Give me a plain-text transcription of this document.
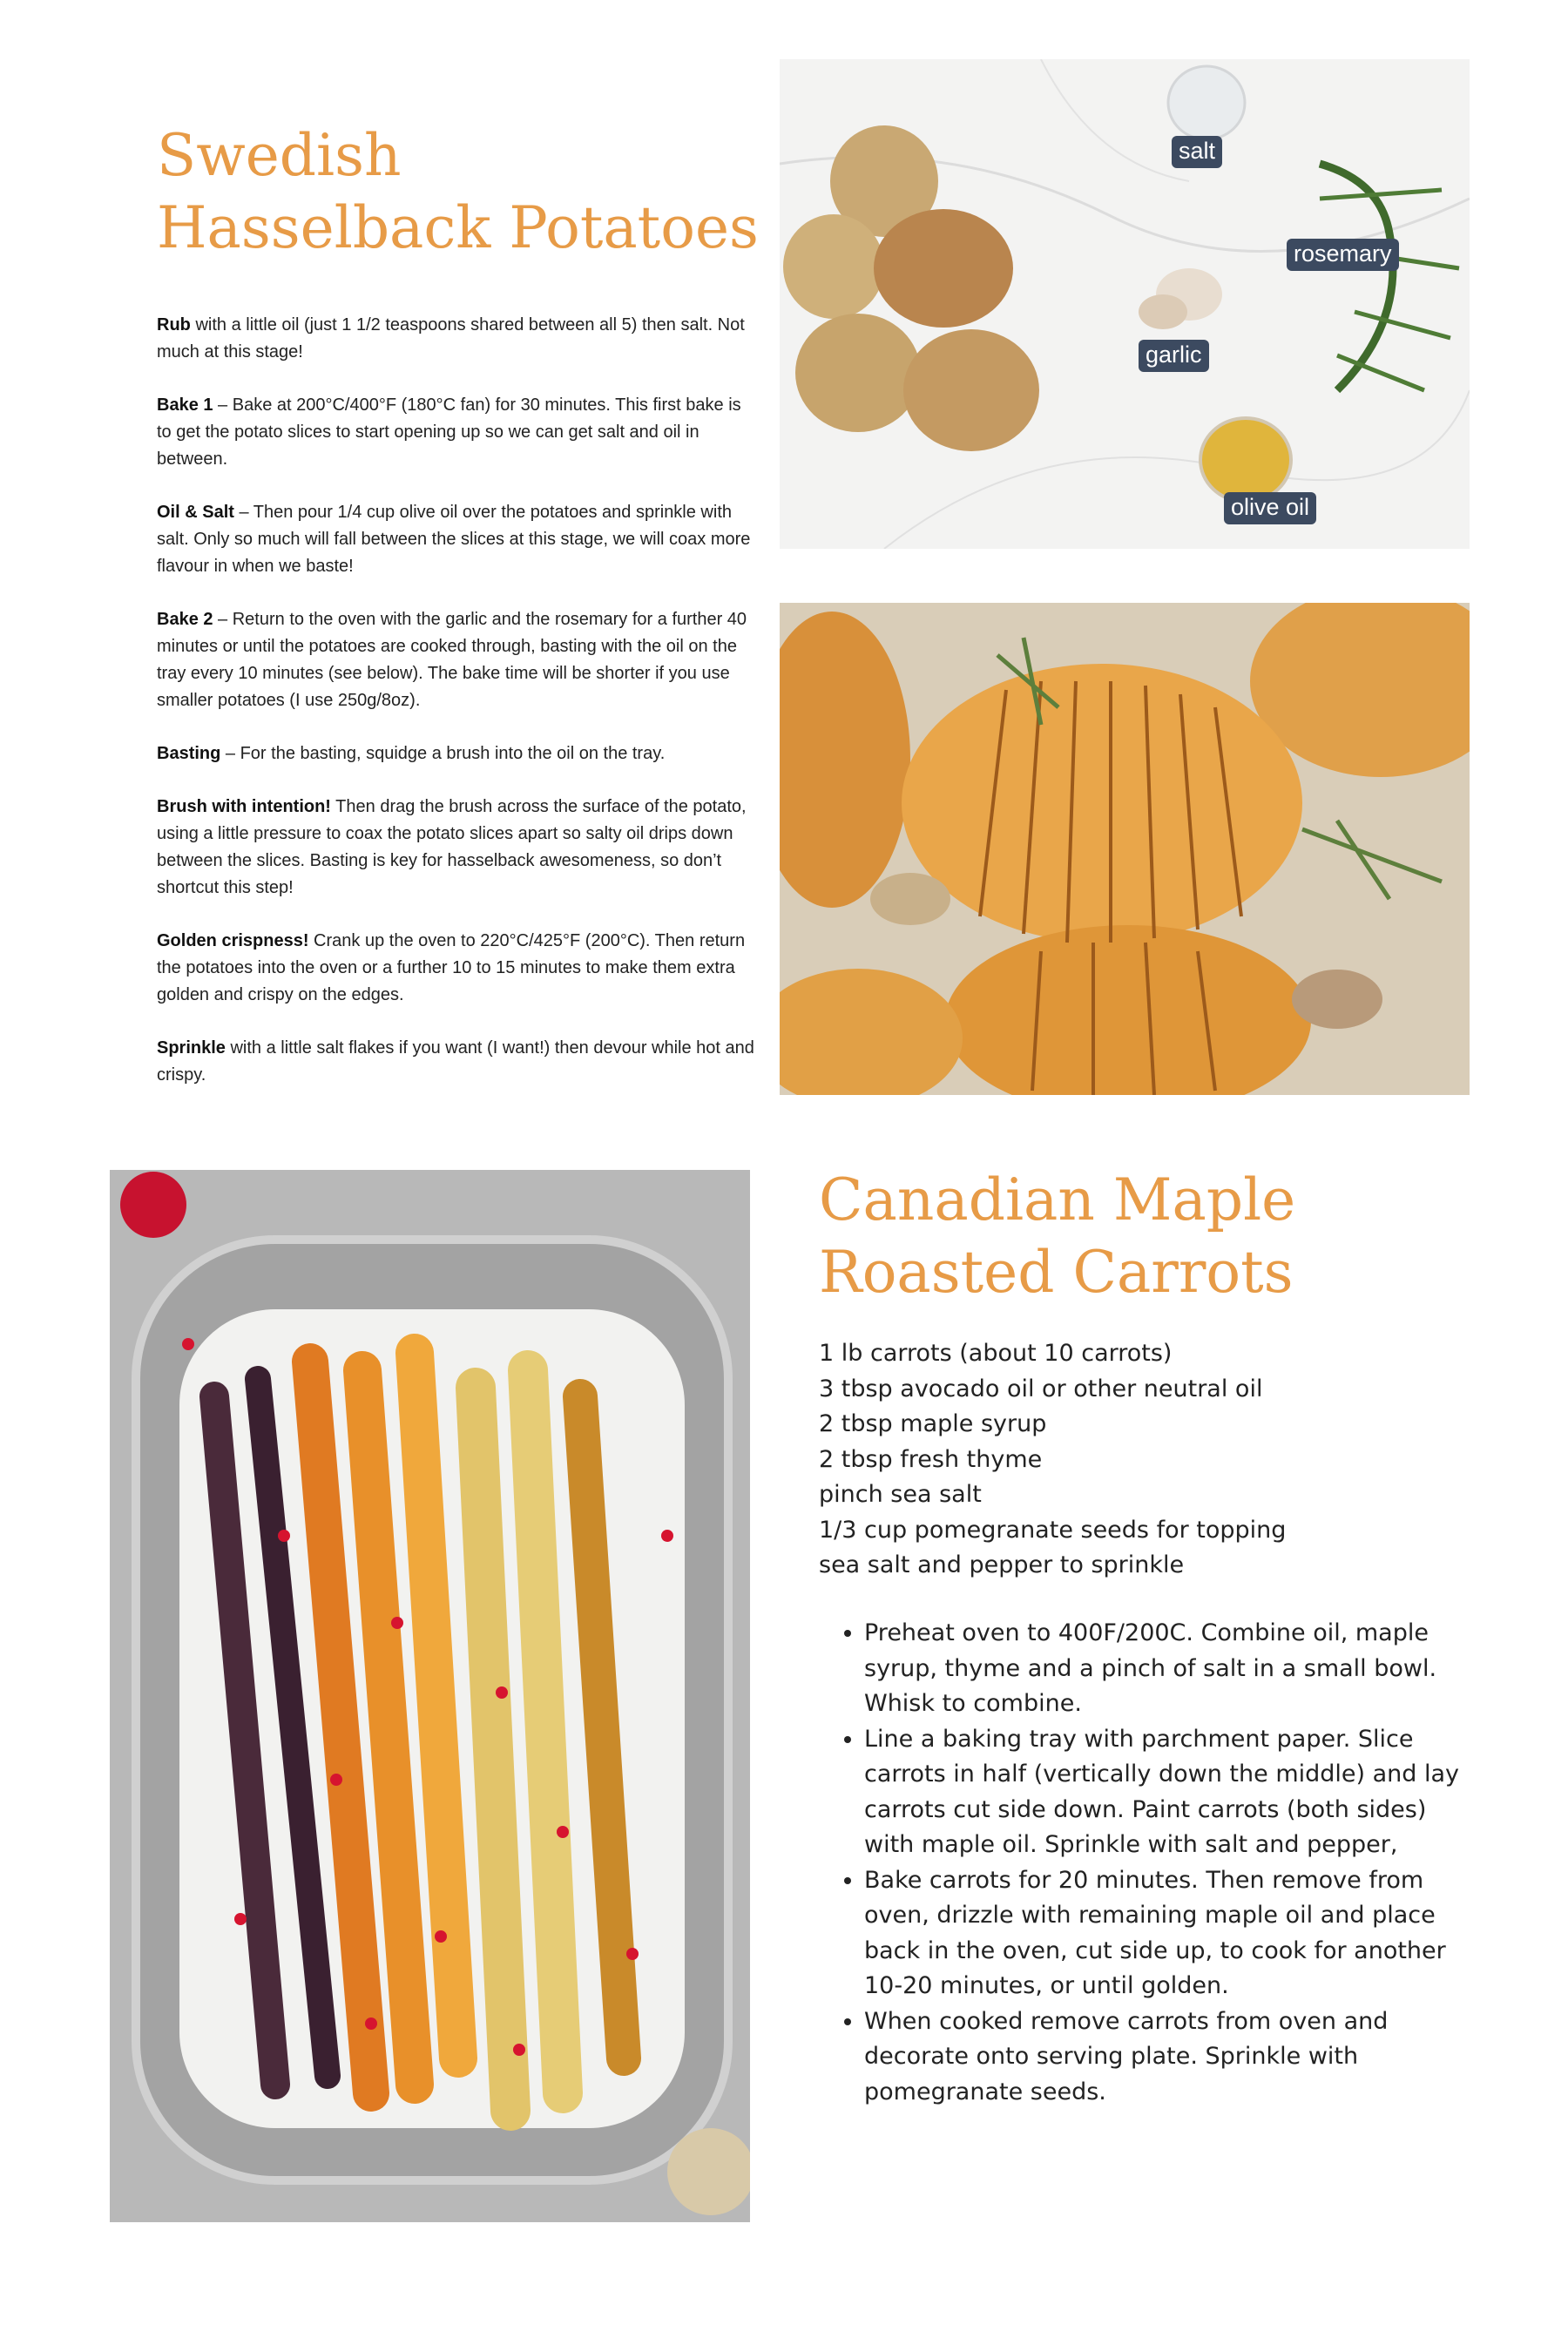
Swedish
Hasselback Potatoes

Rub with a little oil (just 1 1/2 teaspoons shared between all 5) then salt. Not much at this stage!

Bake 1 – Bake at 200°C/400°F (180°C fan) for 30 minutes. This first bake is to get the potato slices to start opening up so we can get salt and oil in between.

Oil & Salt – Then pour 1/4 cup olive oil over the potatoes and sprinkle with salt. Only so much will fall between the slices at this stage, we will coax more flavour in when we baste!

Bake 2 – Return to the oven with the garlic and the rosemary for a further 40 minutes or until the potatoes are cooked through, basting with the oil on the tray every 10 minutes (see below). The bake time will be shorter if you use smaller potatoes (I use 250g/8oz).

Basting – For the basting, squidge a brush into the oil on the tray.

Brush with intention! Then drag the brush across the surface of the potato, using a little pressure to coax the potato slices apart so salty oil drips down between the slices. Basting is key for hasselback awesomeness, so don’t shortcut this step!

Golden crispness! Crank up the oven to 220°C/425°F (200°C). Then return the potatoes into the oven or a further 10 to 15 minutes to make them extra golden and crispy on the edges.

Sprinkle with a little salt flakes if you want (I want!) then devour while hot and crispy.

salt
rosemary
garlic
olive oil
Canadian Maple
Roasted Carrots
1 lb carrots (about 10 carrots)
3 tbsp avocado oil or other neutral oil
2 tbsp maple syrup
2 tbsp fresh thyme
pinch sea salt
1/3 cup pomegranate seeds for topping
sea salt and pepper to sprinkle
• Preheat oven to 400F/200C. Combine oil, maple syrup, thyme and a pinch of salt in a small bowl. Whisk to combine.
• Line a baking tray with parchment paper. Slice carrots in half (vertically down the middle) and lay carrots cut side down. Paint carrots (both sides) with maple oil. Sprinkle with salt and pepper,
• Bake carrots for 20 minutes. Then remove from oven, drizzle with remaining maple oil and place back in the oven, cut side up, to cook for another 10-20 minutes, or until golden.
• When cooked remove carrots from oven and decorate onto serving plate. Sprinkle with pomegranate seeds.
